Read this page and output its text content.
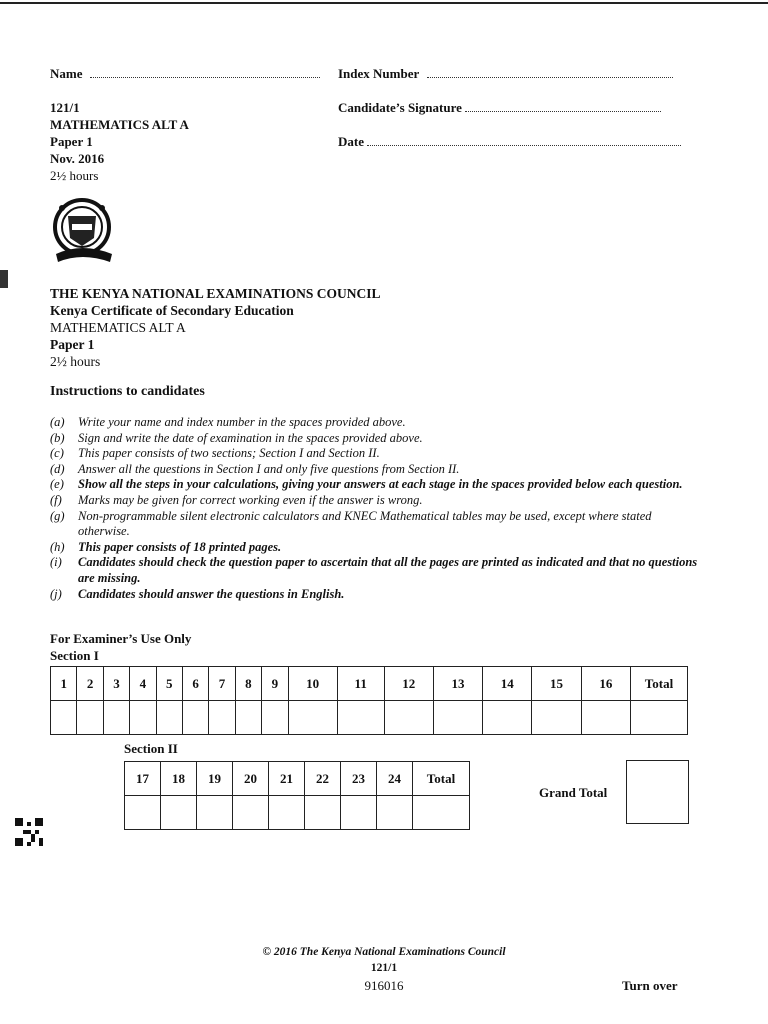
Name	Index Number
Candidate’s Signature
Date
121/1
MATHEMATICS ALT A
Paper 1
Nov. 2016
2½ hours
THE KENYA NATIONAL EXAMINATIONS COUNCIL
Kenya Certificate of Secondary Education
MATHEMATICS ALT A
Paper 1
2½ hours
Instructions to candidates
(a)	Write your name and index number in the spaces provided above.
(b)	Sign and write the date of examination in the spaces provided above.
(c)	This paper consists of two sections; Section I and Section II.
(d)	Answer all the questions in Section I and only five questions from Section II.
(e)	Show all the steps in your calculations, giving your answers at each stage in the spaces provided below each question.
(f)	Marks may be given for correct working even if the answer is wrong.
(g)	Non-programmable silent electronic calculators and KNEC Mathematical tables may be used, except where stated otherwise.
(h)	This paper consists of 18 printed pages.
(i)	Candidates should check the question paper to ascertain that all the pages are printed as indicated and that no questions are missing.
(j)	Candidates should answer the questions in English.
For Examiner’s Use Only
Section I
1	2	3	4	5	6	7	8	9	10	11	12	13	14	15	16	Total

Section II
17	18	19	20	21	22	23	24	Total

Grand Total
© 2016 The Kenya National Examinations Council
121/1
916016	Turn over
